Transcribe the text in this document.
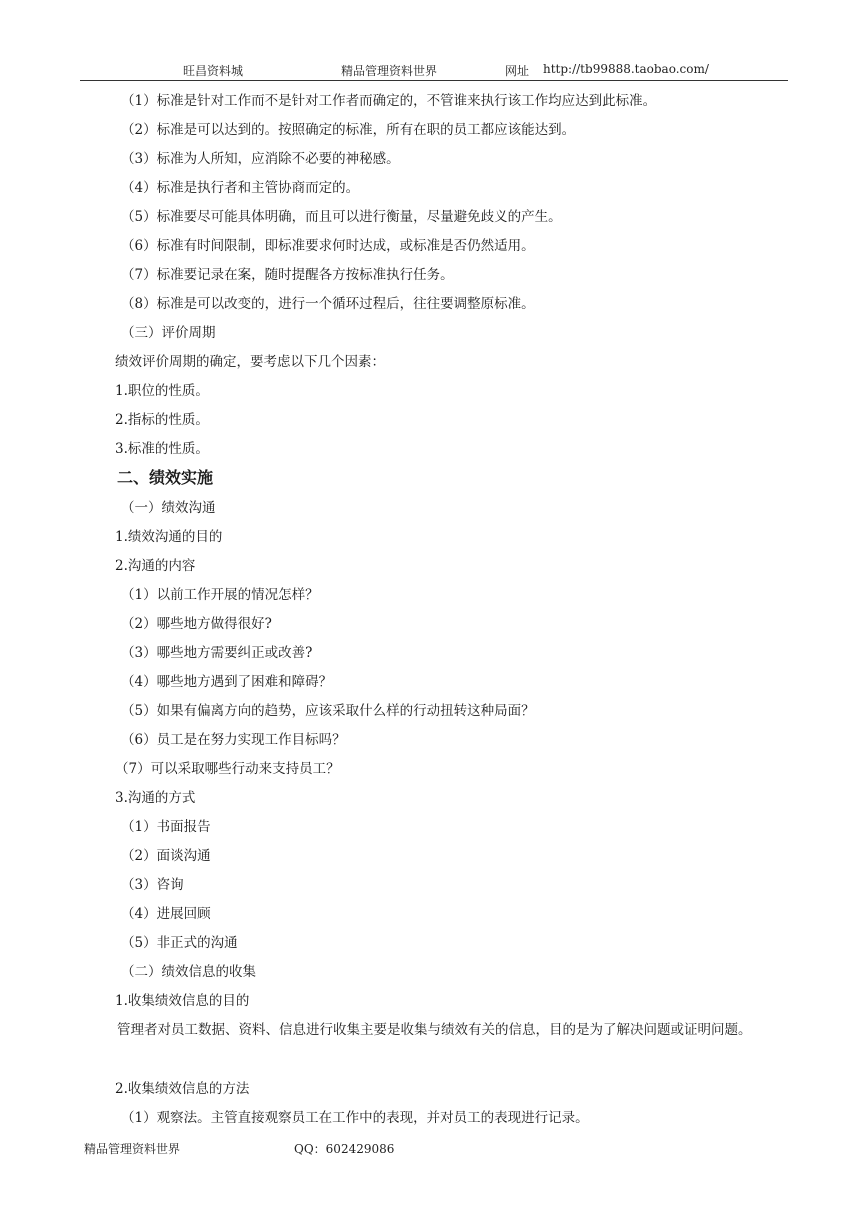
旺昌资料城	精品管理资料世界	网址 http://tb99888.taobao.com/
（1）标准是针对工作而不是针对工作者而确定的，不管谁来执行该工作均应达到此标准。
（2）标准是可以达到的。按照确定的标准，所有在职的员工都应该能达到。
（3）标准为人所知，应消除不必要的神秘感。
（4）标准是执行者和主管协商而定的。
（5）标准要尽可能具体明确，而且可以进行衡量，尽量避免歧义的产生。
（6）标准有时间限制，即标准要求何时达成，或标准是否仍然适用。
（7）标准要记录在案，随时提醒各方按标准执行任务。
（8）标准是可以改变的，进行一个循环过程后，往往要调整原标准。
（三）评价周期
绩效评价周期的确定，要考虑以下几个因素：
1.职位的性质。
2.指标的性质。
3.标准的性质。
二、绩效实施
（一）绩效沟通
1.绩效沟通的目的
2.沟通的内容
（1）以前工作开展的情况怎样？
（2）哪些地方做得很好?
（3）哪些地方需要纠正或改善?
（4）哪些地方遇到了困难和障碍？
（5）如果有偏离方向的趋势，应该采取什么样的行动扭转这种局面？
（6）员工是在努力实现工作目标吗？
（7）可以采取哪些行动来支持员工？
3.沟通的方式
（1）书面报告
（2）面谈沟通
（3）咨询
（4）进展回顾
（5）非正式的沟通
（二）绩效信息的收集
1.收集绩效信息的目的
管理者对员工数据、资料、信息进行收集主要是收集与绩效有关的信息，目的是为了解决问题或证明问题。
2.收集绩效信息的方法
（1）观察法。主管直接观察员工在工作中的表现，并对员工的表现进行记录。
精品管理资料世界	QQ：602429086
